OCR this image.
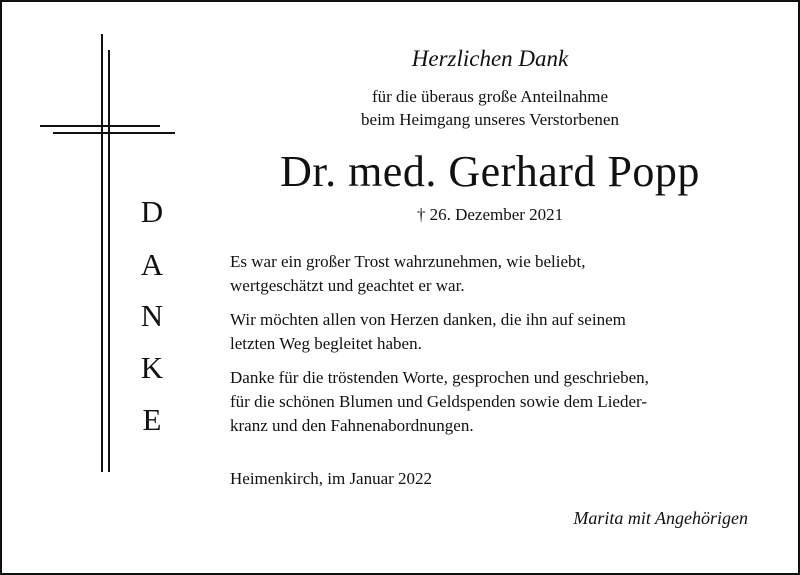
D
A
N
K
E
Herzlichen Dank
für die überaus große Anteilnahme
beim Heimgang unseres Verstorbenen
Dr. med. Gerhard Popp
† 26. Dezember 2021
Es war ein großer Trost wahrzunehmen, wie beliebt,
wertgeschätzt und geachtet er war.
Wir möchten allen von Herzen danken, die ihn auf seinem
letzten Weg begleitet haben.
Danke für die tröstenden Worte, gesprochen und geschrieben,
für die schönen Blumen und Geldspenden sowie dem Lieder-
kranz und den Fahnenabordnungen.
Heimenkirch, im Januar 2022
Marita mit Angehörigen
